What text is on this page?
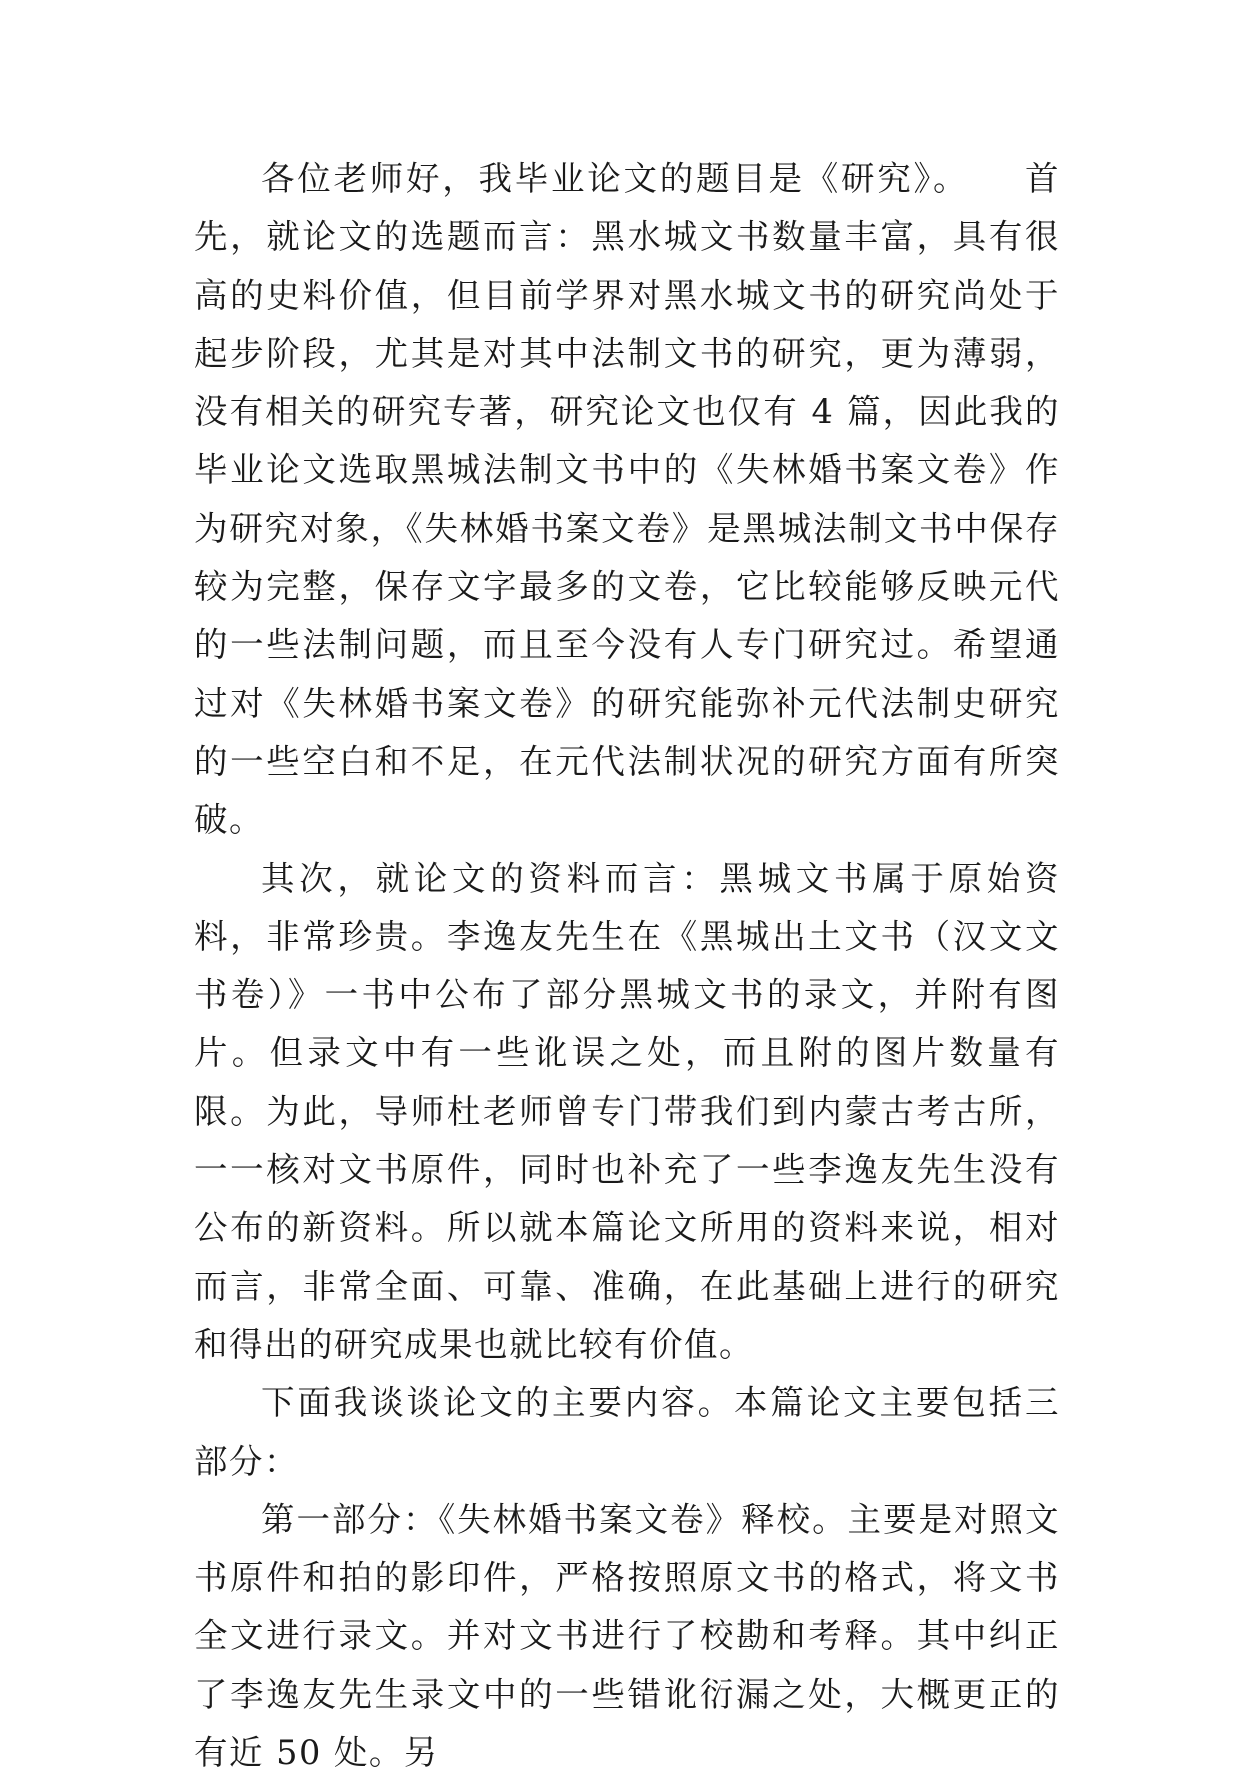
各位老师好，我毕业论文的题目是《研究》。　　首先，就论文的选题而言：黑水城文书数量丰富，具有很高的史料价值，但目前学界对黑水城文书的研究尚处于起步阶段，尤其是对其中法制文书的研究，更为薄弱，没有相关的研究专著，研究论文也仅有 4 篇，因此我的毕业论文选取黑城法制文书中的《失林婚书案文卷》作为研究对象，《失林婚书案文卷》是黑城法制文书中保存较为完整，保存文字最多的文卷，它比较能够反映元代的一些法制问题，而且至今没有人专门研究过。希望通过对《失林婚书案文卷》的研究能弥补元代法制史研究的一些空白和不足，在元代法制状况的研究方面有所突破。

其次，就论文的资料而言：黑城文书属于原始资料，非常珍贵。李逸友先生在《黑城出土文书（汉文文书卷）》一书中公布了部分黑城文书的录文，并附有图片。但录文中有一些讹误之处，而且附的图片数量有限。为此，导师杜老师曾专门带我们到内蒙古考古所，一一核对文书原件，同时也补充了一些李逸友先生没有公布的新资料。所以就本篇论文所用的资料来说，相对而言，非常全面、可靠、准确，在此基础上进行的研究和得出的研究成果也就比较有价值。

下面我谈谈论文的主要内容。本篇论文主要包括三部分：

第一部分：《失林婚书案文卷》释校。主要是对照文书原件和拍的影印件，严格按照原文书的格式，将文书全文进行录文。并对文书进行了校勘和考释。其中纠正了李逸友先生录文中的一些错讹衍漏之处，大概更正的有近 50 处。另
